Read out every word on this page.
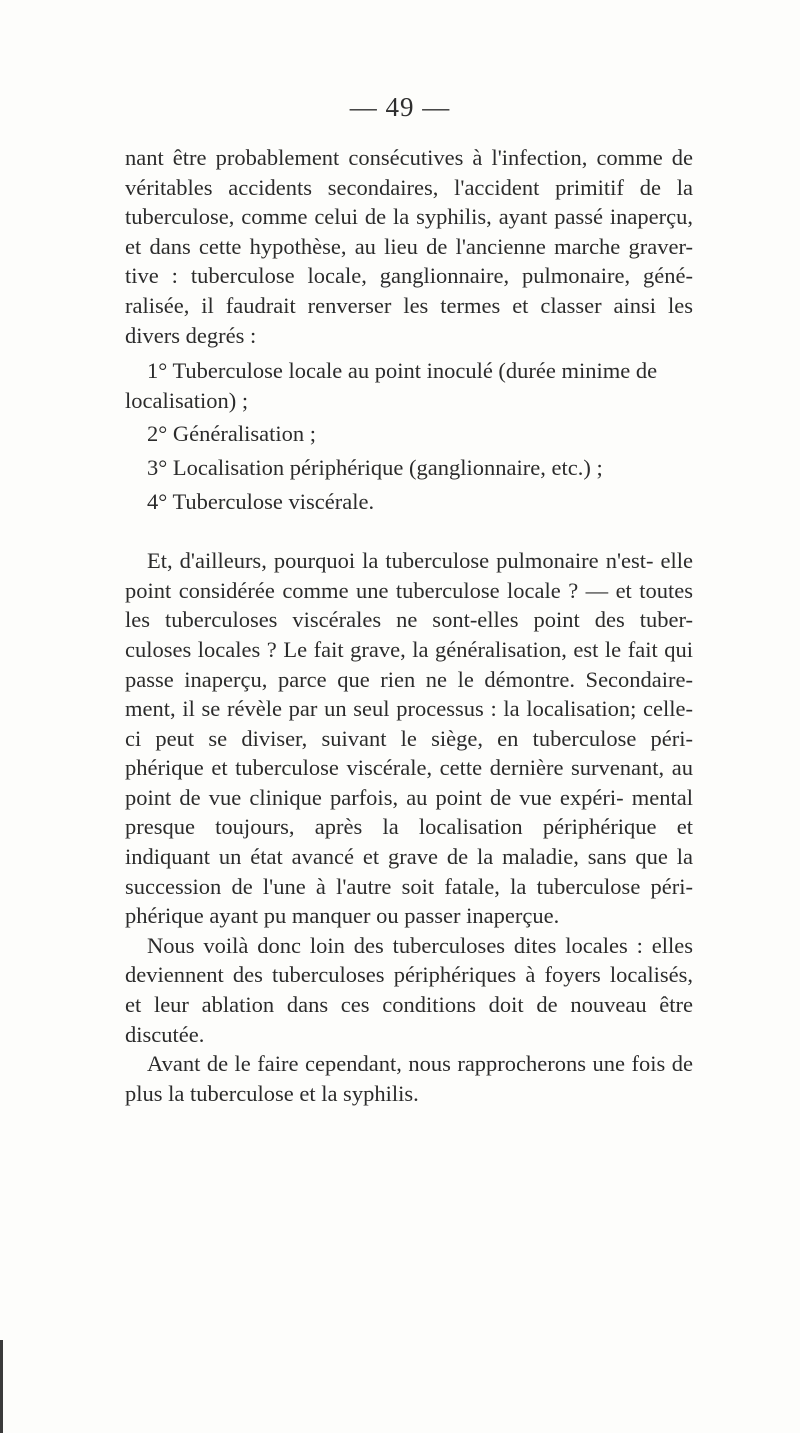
— 49 —

nant être probablement consécutives à l'infection, comme de véritables accidents secondaires, l'accident primitif de la tuberculose, comme celui de la syphilis, ayant passé inaperçu, et dans cette hypothèse, au lieu de l'ancienne marche graver- tive : tuberculose locale, ganglionnaire, pulmonaire, géné- ralisée, il faudrait renverser les termes et classer ainsi les divers degrés :

1° Tuberculose locale au point inoculé (durée minime de localisation) ;

2° Généralisation ;

3° Localisation périphérique (ganglionnaire, etc.) ;

4° Tuberculose viscérale.

Et, d'ailleurs, pourquoi la tuberculose pulmonaire n'est- elle point considérée comme une tuberculose locale ? — et toutes les tuberculoses viscérales ne sont-elles point des tuber- culoses locales ? Le fait grave, la généralisation, est le fait qui passe inaperçu, parce que rien ne le démontre. Secondaire- ment, il se révèle par un seul processus : la localisation; celle-ci peut se diviser, suivant le siège, en tuberculose péri- phérique et tuberculose viscérale, cette dernière survenant, au point de vue clinique parfois, au point de vue expéri- mental presque toujours, après la localisation périphérique et indiquant un état avancé et grave de la maladie, sans que la succession de l'une à l'autre soit fatale, la tuberculose péri- phérique ayant pu manquer ou passer inaperçue.

Nous voilà donc loin des tuberculoses dites locales : elles deviennent des tuberculoses périphériques à foyers localisés, et leur ablation dans ces conditions doit de nouveau être discutée.

Avant de le faire cependant, nous rapprocherons une fois de plus la tuberculose et la syphilis.
